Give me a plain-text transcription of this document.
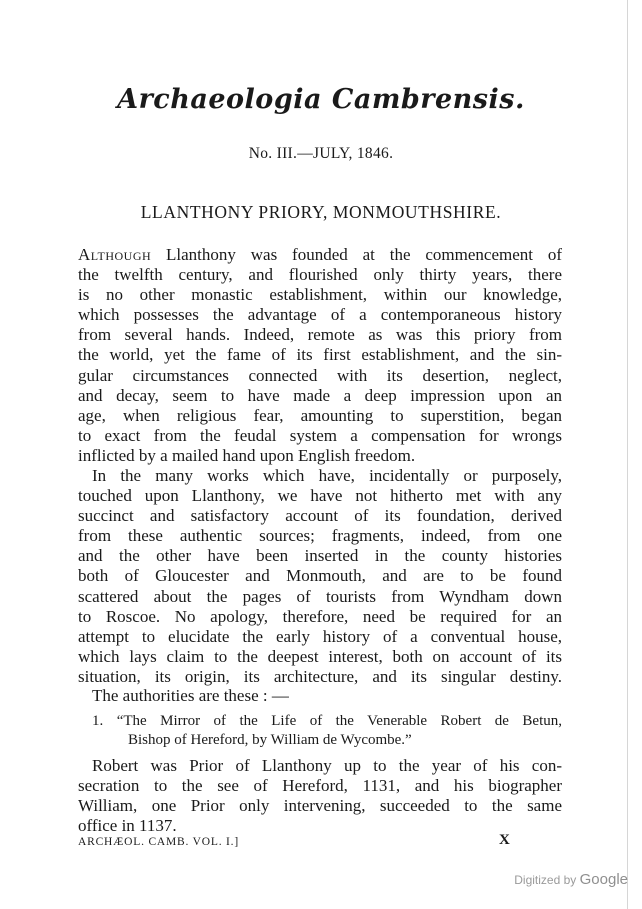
Archaeologia Cambrensis.
No. III.—JULY, 1846.
LLANTHONY PRIORY, MONMOUTHSHIRE.
Although Llanthony was founded at the commencement of
the twelfth century, and flourished only thirty years, there
is no other monastic establishment, within our knowledge,
which possesses the advantage of a contemporaneous history
from several hands. Indeed, remote as was this priory from
the world, yet the fame of its first establishment, and the sin-
gular circumstances connected with its desertion, neglect,
and decay, seem to have made a deep impression upon an
age, when religious fear, amounting to superstition, began
to exact from the feudal system a compensation for wrongs
inflicted by a mailed hand upon English freedom.
In the many works which have, incidentally or purposely,
touched upon Llanthony, we have not hitherto met with any
succinct and satisfactory account of its foundation, derived
from these authentic sources; fragments, indeed, from one
and the other have been inserted in the county histories
both of Gloucester and Monmouth, and are to be found
scattered about the pages of tourists from Wyndham down
to Roscoe. No apology, therefore, need be required for an
attempt to elucidate the early history of a conventual house,
which lays claim to the deepest interest, both on account of its
situation, its origin, its architecture, and its singular destiny.
The authorities are these : —
1. “The Mirror of the Life of the Venerable Robert de Betun,
Bishop of Hereford, by William de Wycombe.”
Robert was Prior of Llanthony up to the year of his con-
secration to the see of Hereford, 1131, and his biographer
William, one Prior only intervening, succeeded to the same
office in 1137.
ARCHÆOL. CAMB. VOL. I.]	X
Digitized by Google
